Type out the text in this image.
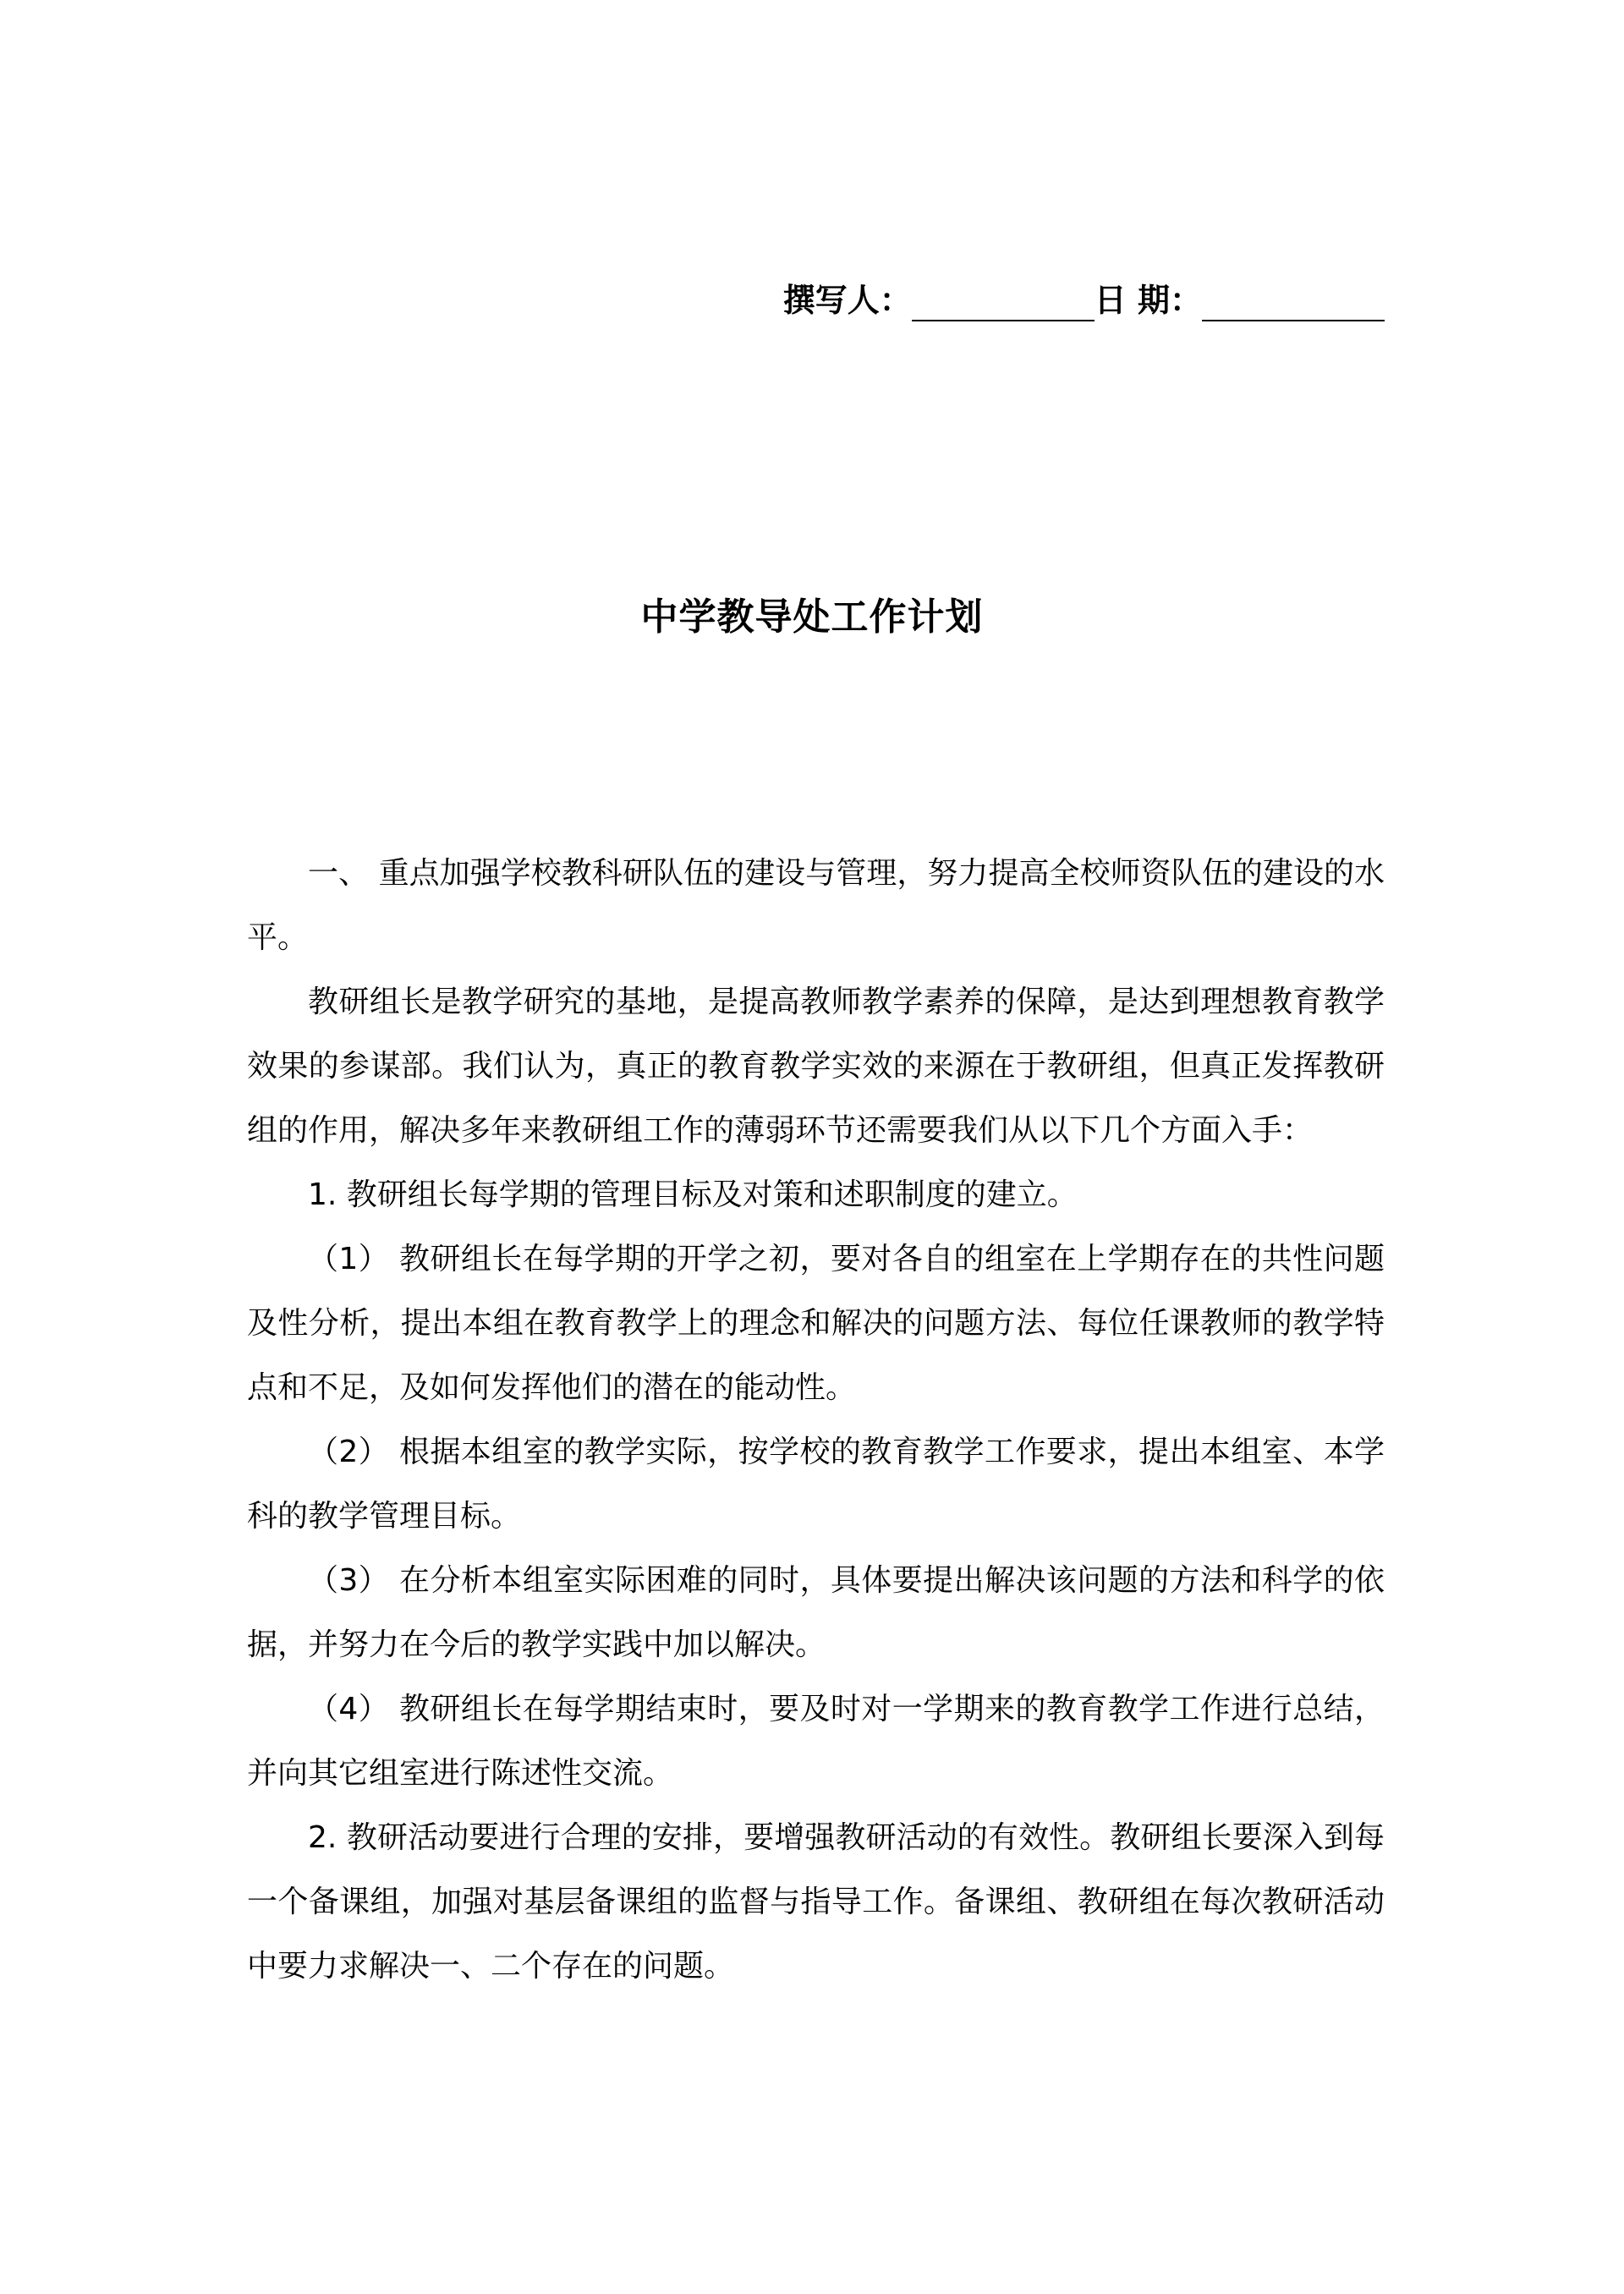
撰写人：	日 期：
中学教导处工作计划

一、 重点加强学校教科研队伍的建设与管理，努力提高全校师资队伍的建设的水平。

教研组长是教学研究的基地，是提高教师教学素养的保障，是达到理想教育教学效果的参谋部。我们认为，真正的教育教学实效的来源在于教研组，但真正发挥教研组的作用，解决多年来教研组工作的薄弱环节还需要我们从以下几个方面入手：

1. 教研组长每学期的管理目标及对策和述职制度的建立。

（1） 教研组长在每学期的开学之初，要对各自的组室在上学期存在的共性问题及性分析，提出本组在教育教学上的理念和解决的问题方法、每位任课教师的教学特点和不足，及如何发挥他们的潜在的能动性。

（2） 根据本组室的教学实际，按学校的教育教学工作要求，提出本组室、本学科的教学管理目标。

（3） 在分析本组室实际困难的同时，具体要提出解决该问题的方法和科学的依据，并努力在今后的教学实践中加以解决。

（4） 教研组长在每学期结束时，要及时对一学期来的教育教学工作进行总结，并向其它组室进行陈述性交流。

2. 教研活动要进行合理的安排，要增强教研活动的有效性。教研组长要深入到每一个备课组，加强对基层备课组的监督与指导工作。备课组、教研组在每次教研活动中要力求解决一、二个存在的问题。
